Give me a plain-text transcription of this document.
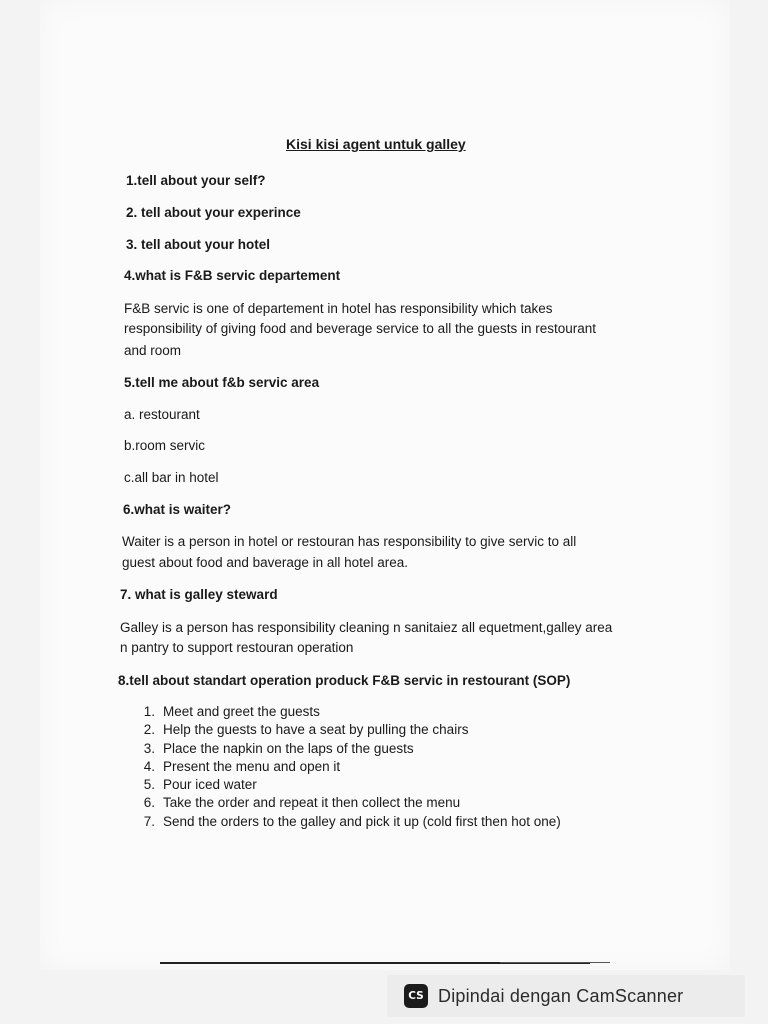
Kisi kisi agent untuk galley
1.tell about your self?
2. tell about your experince
3. tell about your hotel
4.what is F&B servic departement
F&B servic is one of departement in hotel has responsibility which takes
responsibility of giving food and beverage service to all the guests in restourant
and room
5.tell me about f&b servic area
a. restourant
b.room servic
c.all bar in hotel
6.what is waiter?
Waiter is a person in hotel or restouran has responsibility to give servic to all
guest about food and baverage in all hotel area.
7. what is galley steward
Galley is a person has responsibility cleaning n sanitaiez all equetment,galley area
n pantry to support restouran operation
8.tell about standart operation produck F&B servic in restourant (SOP)
1. Meet and greet the guests
2. Help the guests to have a seat by pulling the chairs
3. Place the napkin on the laps of the guests
4. Present the menu and open it
5. Pour iced water
6. Take the order and repeat it then collect the menu
7. Send the orders to the galley and pick it up (cold first then hot one)
CS Dipindai dengan CamScanner
